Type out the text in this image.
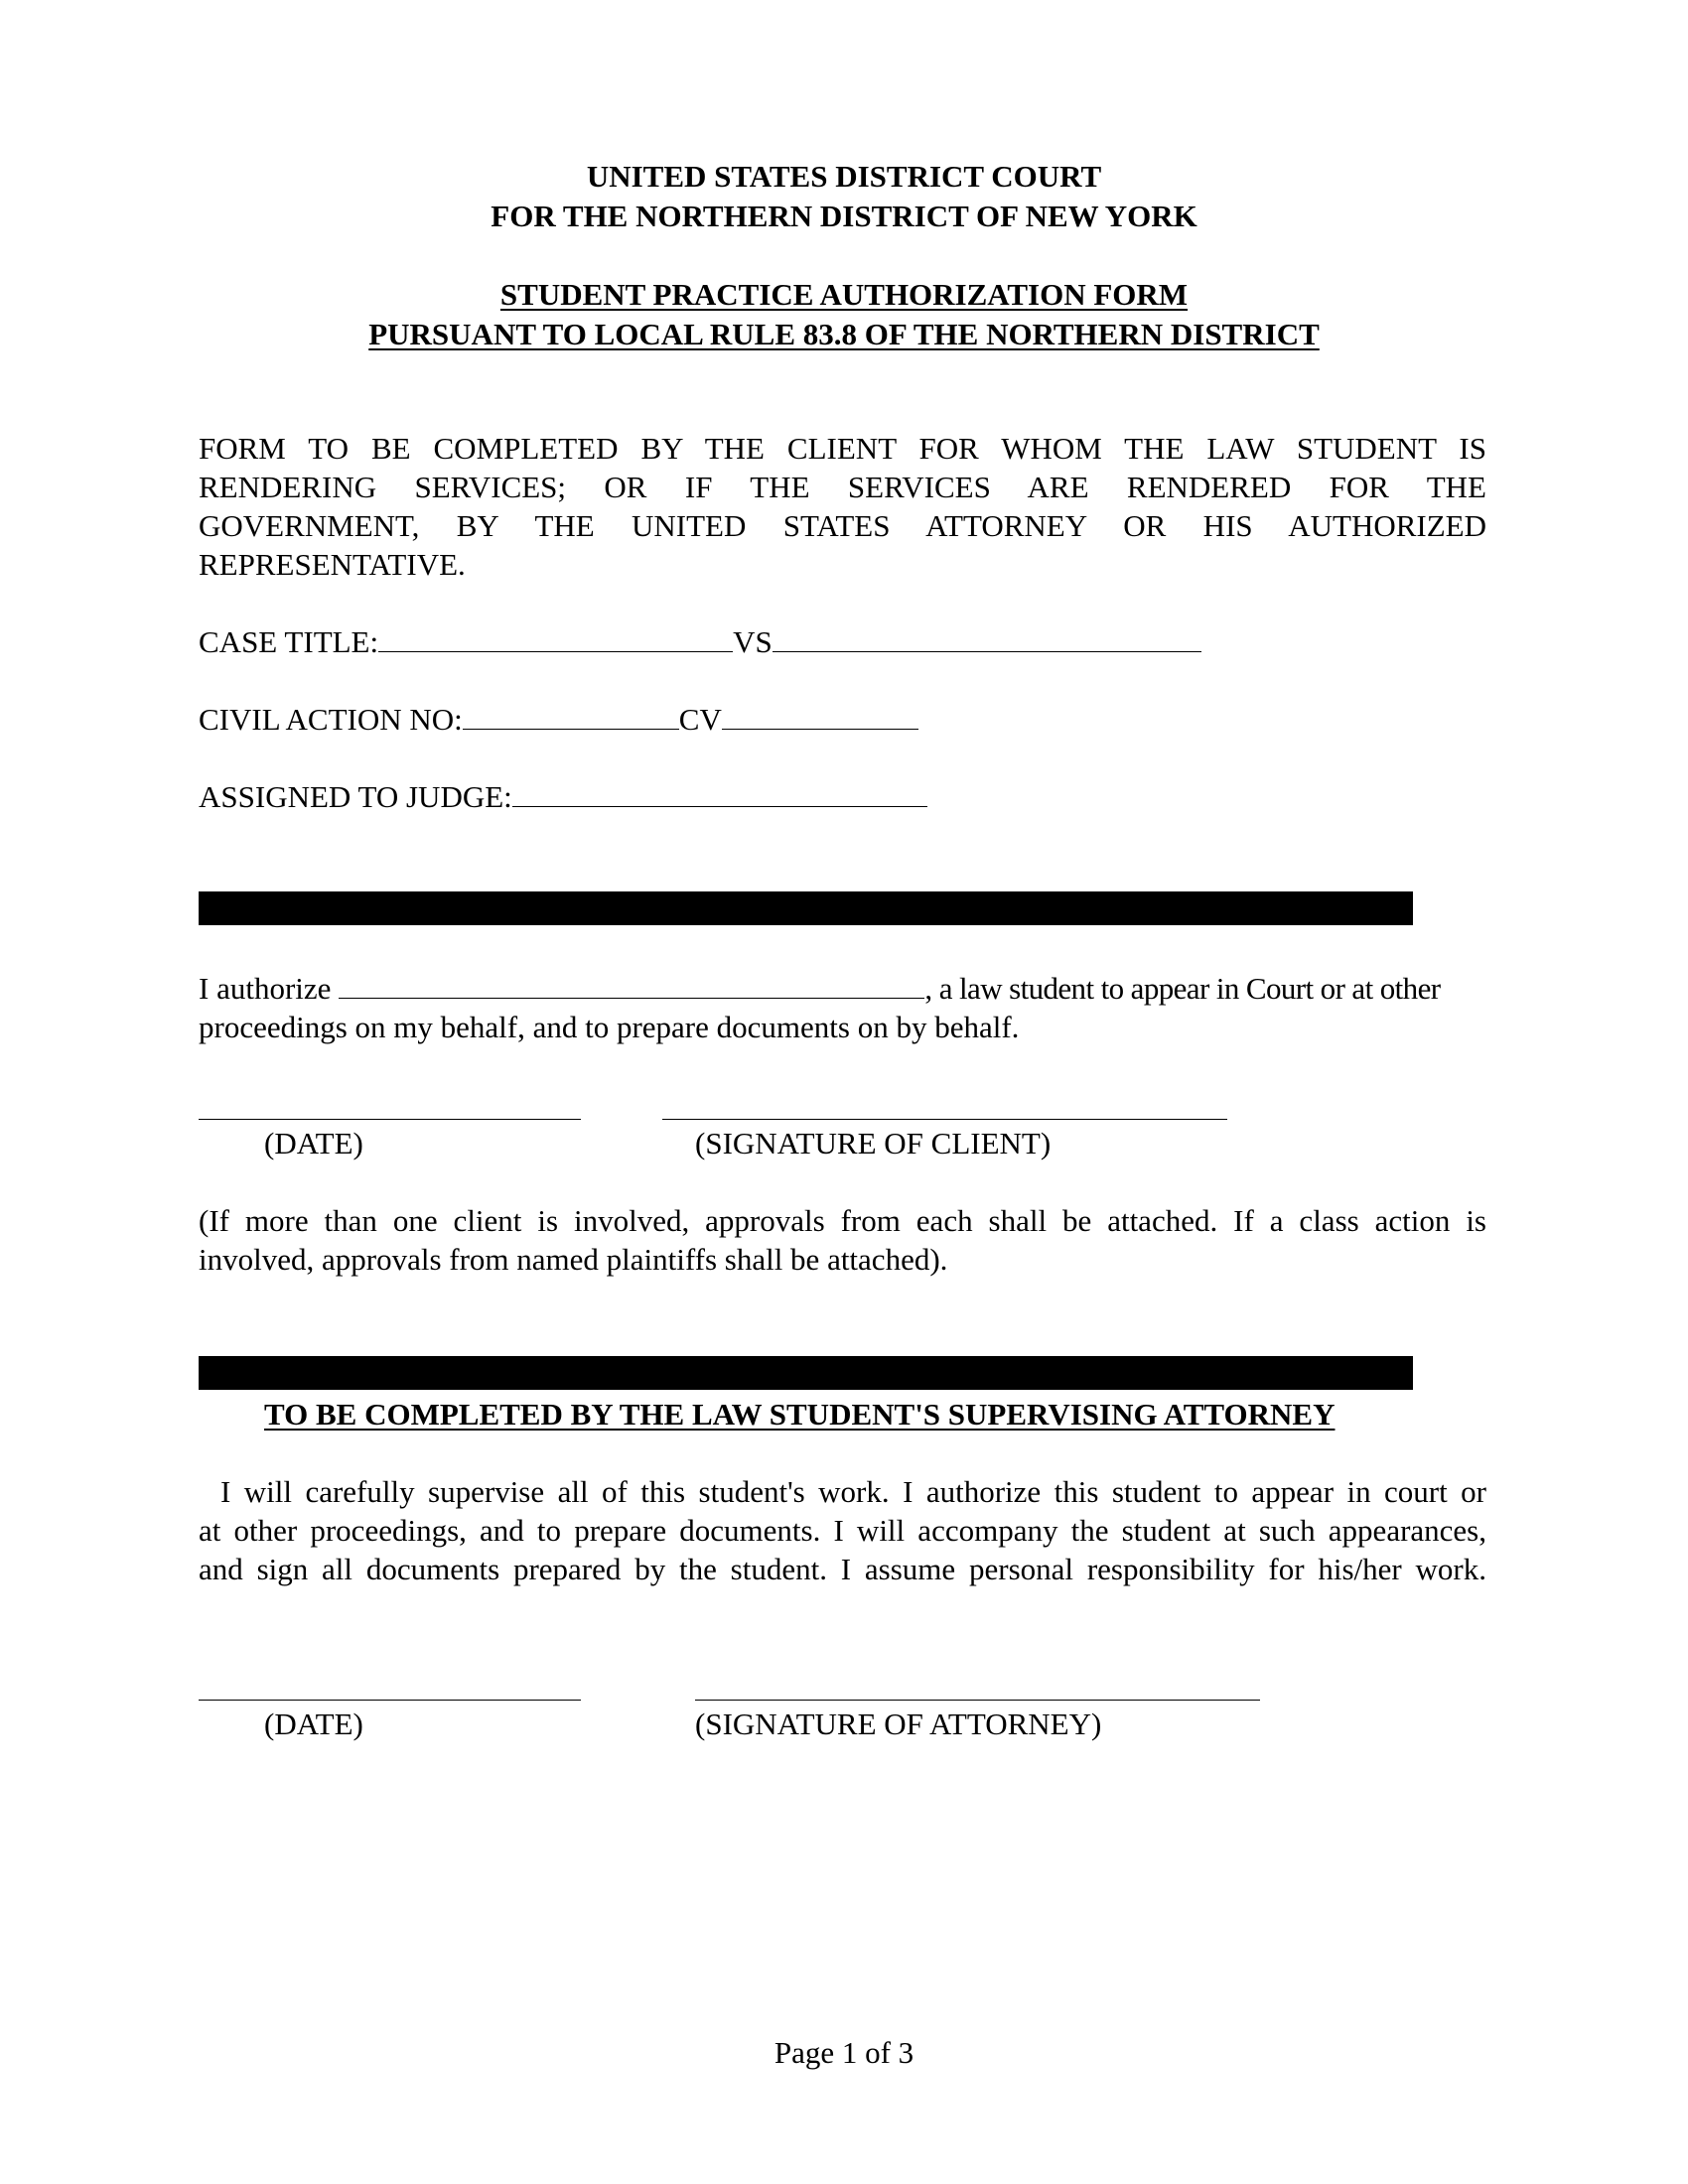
UNITED STATES DISTRICT COURT
FOR THE NORTHERN DISTRICT OF NEW YORK
STUDENT PRACTICE AUTHORIZATION FORM
PURSUANT TO LOCAL RULE 83.8 OF THE NORTHERN DISTRICT
FORM TO BE COMPLETED BY THE CLIENT FOR WHOM THE LAW STUDENT IS
RENDERING SERVICES; OR IF THE SERVICES ARE RENDERED FOR THE
GOVERNMENT, BY THE UNITED STATES ATTORNEY OR HIS AUTHORIZED
REPRESENTATIVE.
CASE TITLE:	VS
CIVIL ACTION NO:	CV
ASSIGNED TO JUDGE:
I authorize	, a law student to appear in Court or at other
proceedings on my behalf, and to prepare documents on by behalf.
(DATE)	(SIGNATURE OF CLIENT)
(If more than one client is involved, approvals from each shall be attached. If a class action is
involved, approvals from named plaintiffs shall be attached).
TO BE COMPLETED BY THE LAW STUDENT'S SUPERVISING ATTORNEY
I will carefully supervise all of this student's work. I authorize this student to appear in court or
at other proceedings, and to prepare documents. I will accompany the student at such appearances,
and sign all documents prepared by the student. I assume personal responsibility for his/her work.
(DATE)	(SIGNATURE OF ATTORNEY)
Page 1 of 3
